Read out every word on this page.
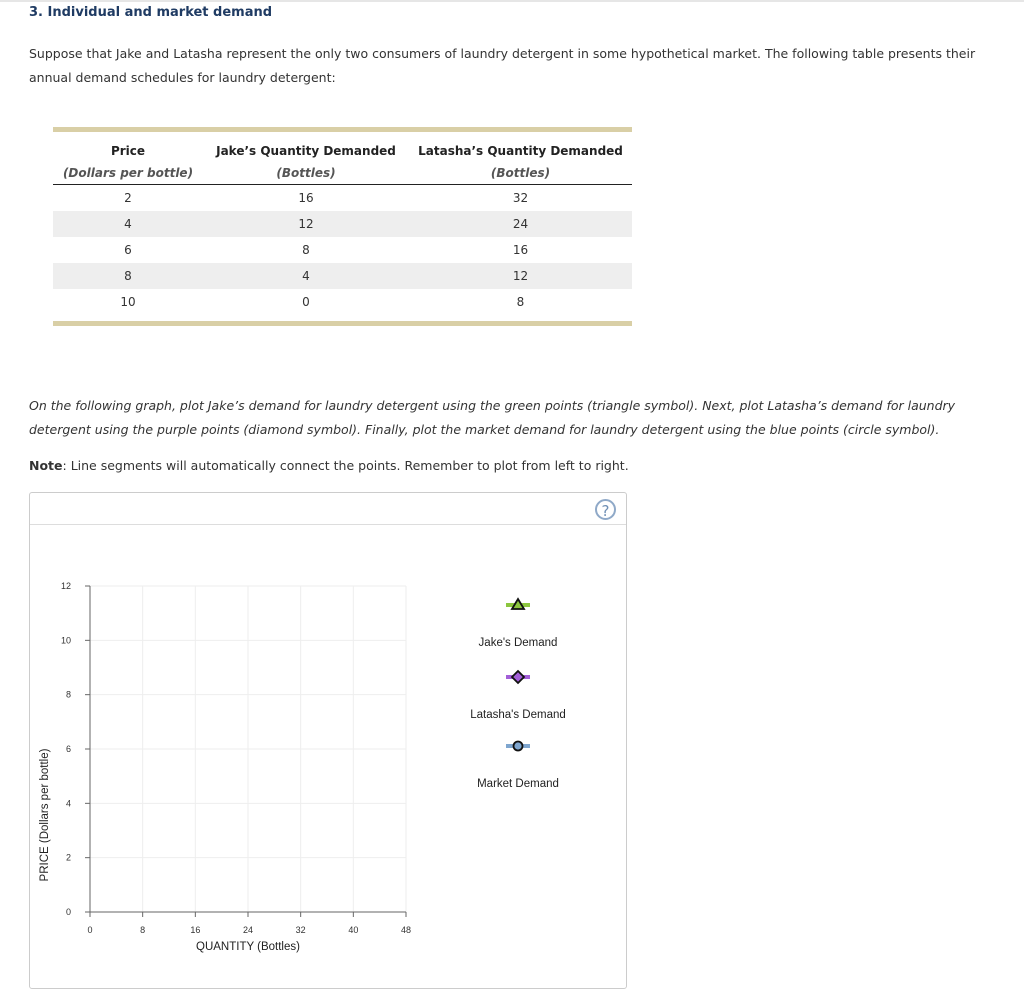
3. Individual and market demand
Suppose that Jake and Latasha represent the only two consumers of laundry detergent in some hypothetical market. The following table presents their
annual demand schedules for laundry detergent:
Price	Jake’s Quantity Demanded	Latasha’s Quantity Demanded
(Dollars per bottle)	(Bottles)	(Bottles)
2	16	32
4	12	24
6	8	16
8	4	12
10	0	8
On the following graph, plot Jake’s demand for laundry detergent using the green points (triangle symbol). Next, plot Latasha’s demand for laundry
detergent using the purple points (diamond symbol). Finally, plot the market demand for laundry detergent using the blue points (circle symbol).
Note: Line segments will automatically connect the points. Remember to plot from left to right.
?
0	8	16	24	32	40	48
0
2
4
6
8
10
12
QUANTITY (Bottles)
PRICE (Dollars per bottle)
Jake's Demand
Latasha's Demand
Market Demand
